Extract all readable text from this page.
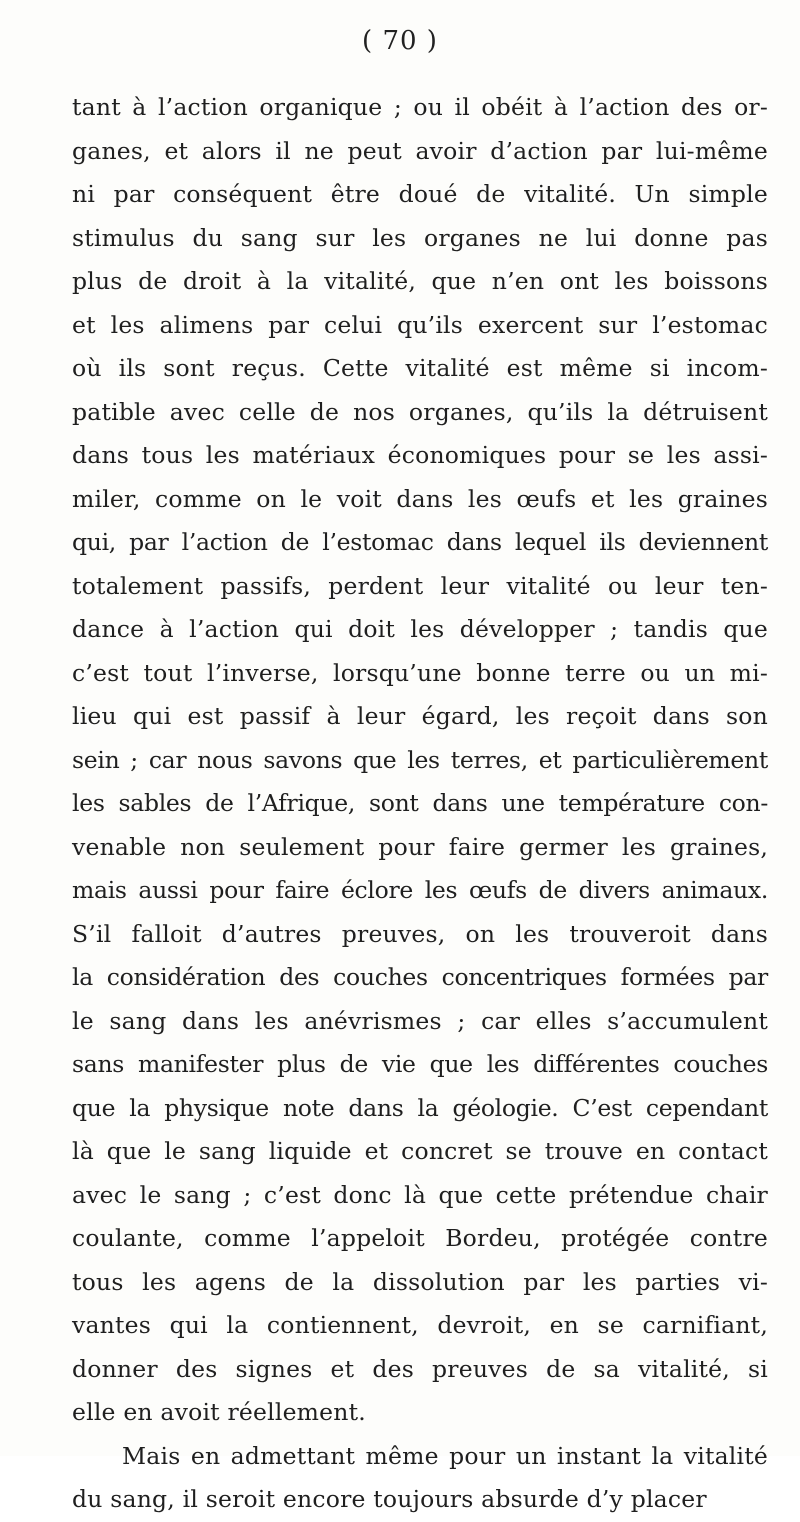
( 70 )
tant à l’action organique ; ou il obéit à l’action des or-
ganes, et alors il ne peut avoir d’action par lui-même
ni par conséquent être doué de vitalité. Un simple
stimulus du sang sur les organes ne lui donne pas
plus de droit à la vitalité, que n’en ont les boissons
et les alimens par celui qu’ils exercent sur l’estomac
où ils sont reçus. Cette vitalité est même si incom-
patible avec celle de nos organes, qu’ils la détruisent
dans tous les matériaux économiques pour se les assi-
miler, comme on le voit dans les œufs et les graines
qui, par l’action de l’estomac dans lequel ils deviennent
totalement passifs, perdent leur vitalité ou leur ten-
dance à l’action qui doit les développer ; tandis que
c’est tout l’inverse, lorsqu’une bonne terre ou un mi-
lieu qui est passif à leur égard, les reçoit dans son
sein ; car nous savons que les terres, et particulièrement
les sables de l’Afrique, sont dans une température con-
venable non seulement pour faire germer les graines,
mais aussi pour faire éclore les œufs de divers animaux.
S’il falloit d’autres preuves, on les trouveroit dans
la considération des couches concentriques formées par
le sang dans les anévrismes ; car elles s’accumulent
sans manifester plus de vie que les différentes couches
que la physique note dans la géologie. C’est cependant
là que le sang liquide et concret se trouve en contact
avec le sang ; c’est donc là que cette prétendue chair
coulante, comme l’appeloit Bordeu, protégée contre
tous les agens de la dissolution par les parties vi-
vantes qui la contiennent, devroit, en se carnifiant,
donner des signes et des preuves de sa vitalité, si
elle en avoit réellement.
Mais en admettant même pour un instant la vitalité
du sang, il seroit encore toujours absurde d’y placer
